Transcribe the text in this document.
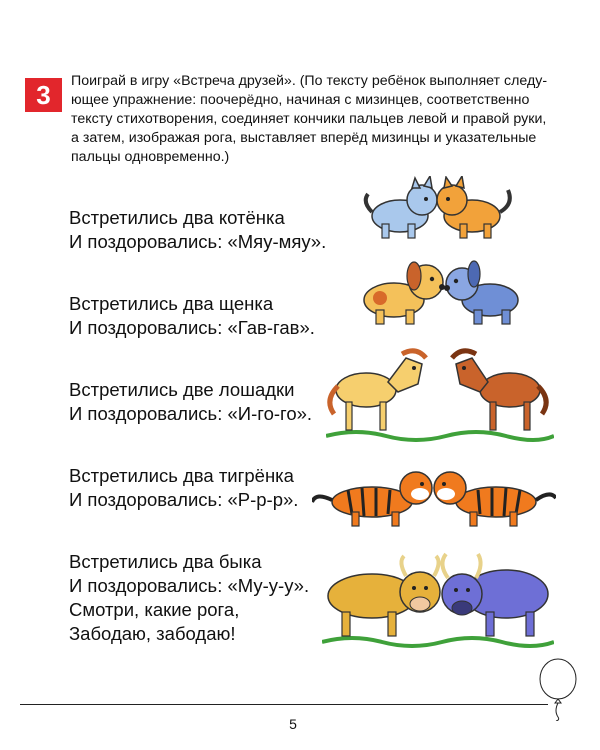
3	Поиграй в игру «Встреча друзей». (По тексту ребёнок выполняет следу-
ющее упражнение: поочерёдно, начиная с мизинцев, соответственно
тексту стихотворения, соединяет кончики пальцев левой и правой руки,
а затем, изображая рога, выставляет вперёд мизинцы и указательные
пальцы одновременно.)
Встретились два котёнка
И поздоровались: «Мяу-мяу».
Встретились два щенка
И поздоровались: «Гав-гав».
Встретились две лошадки
И поздоровались: «И-го-го».
Встретились два тигрёнка
И поздоровались: «Р-р-р».
Встретились два быка
И поздоровались: «Му-у-у».
Смотри, какие рога,
Забодаю, забодаю!
5
